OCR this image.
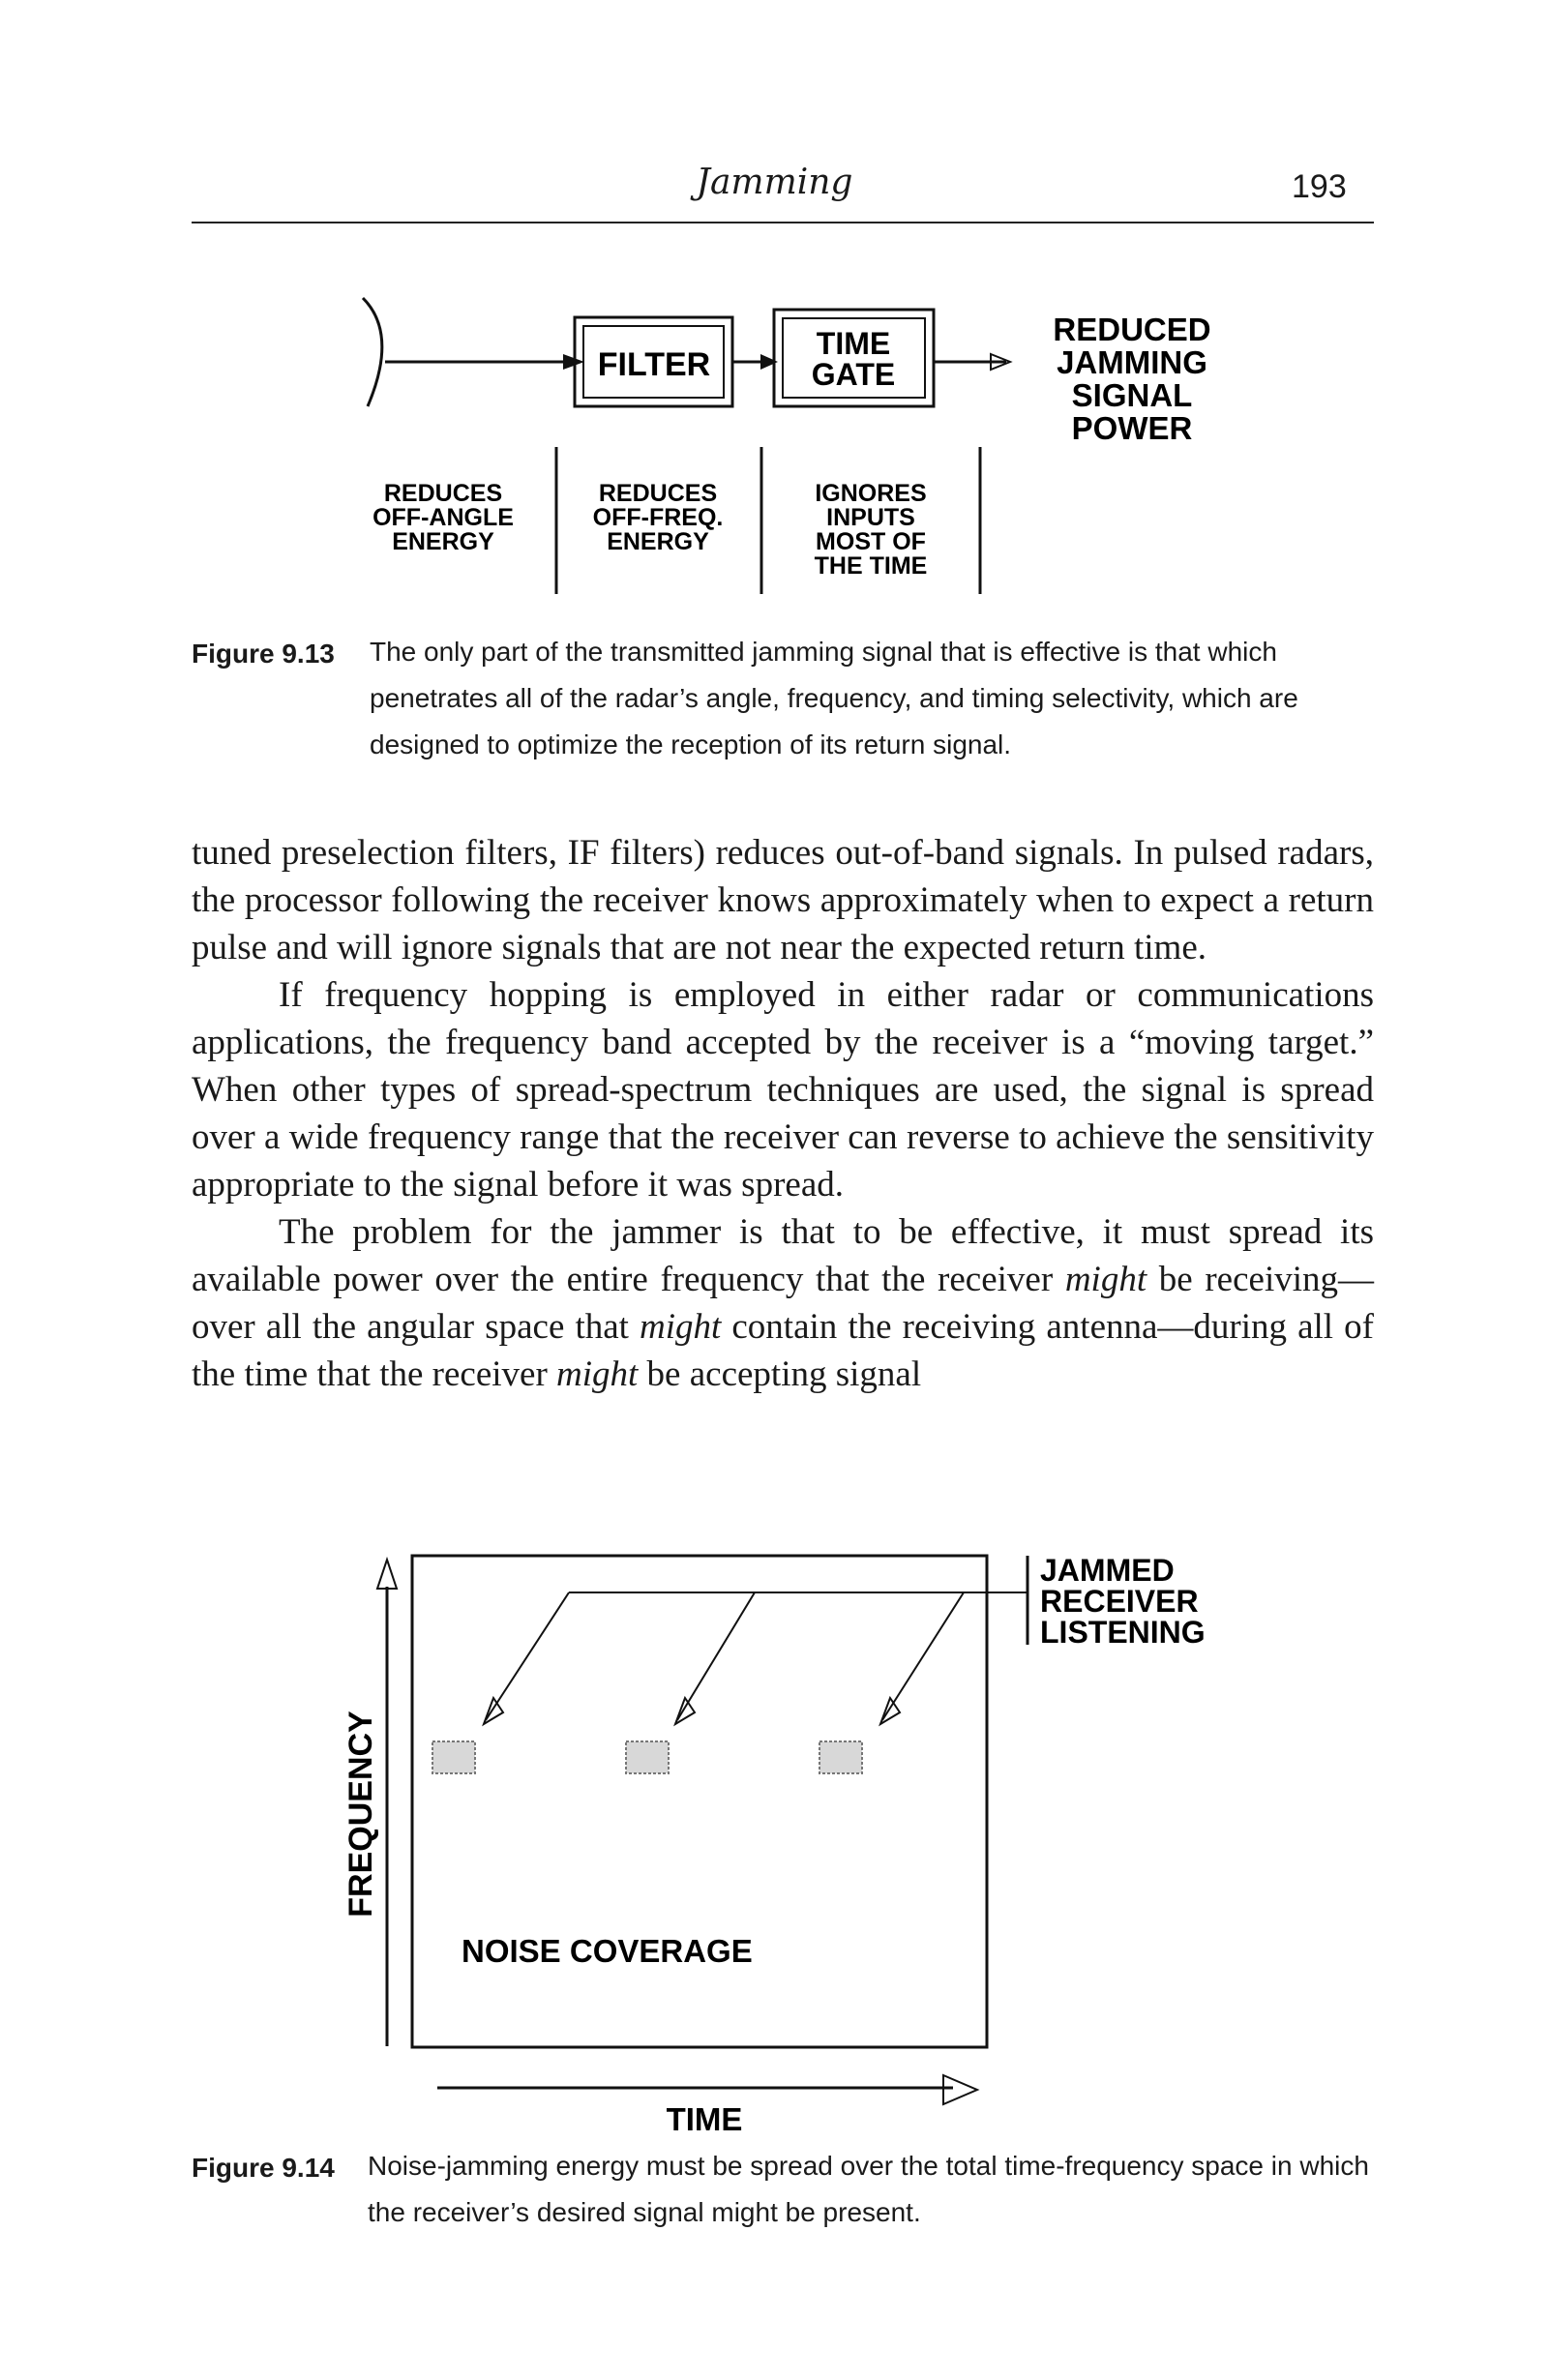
Jamming	193
FILTER
TIME
GATE
REDUCED
JAMMING
SIGNAL
POWER
REDUCES
OFF-ANGLE
ENERGY
REDUCES
OFF-FREQ.
ENERGY
IGNORES
INPUTS
MOST OF
THE TIME
Figure 9.13 The only part of the transmitted jamming signal that is effective is that which penetrates all of the radar’s angle, frequency, and timing selectivity, which are designed to optimize the reception of its return signal.

tuned preselection filters, IF filters) reduces out-of-band signals. In pulsed radars, the processor following the receiver knows approximately when to expect a return pulse and will ignore signals that are not near the expected return time.

If frequency hopping is employed in either radar or communications applications, the frequency band accepted by the receiver is a “moving target.” When other types of spread-spectrum techniques are used, the signal is spread over a wide frequency range that the receiver can reverse to achieve the sensitivity appropriate to the signal before it was spread.

The problem for the jammer is that to be effective, it must spread its available power over the entire frequency that the receiver might be receiving—over all the angular space that might contain the receiving antenna—during all of the time that the receiver might be accepting signal

FREQUENCY
NOISE COVERAGE
JAMMED
RECEIVER
LISTENING
TIME
Figure 9.14 Noise-jamming energy must be spread over the total time-frequency space in which the receiver’s desired signal might be present.
